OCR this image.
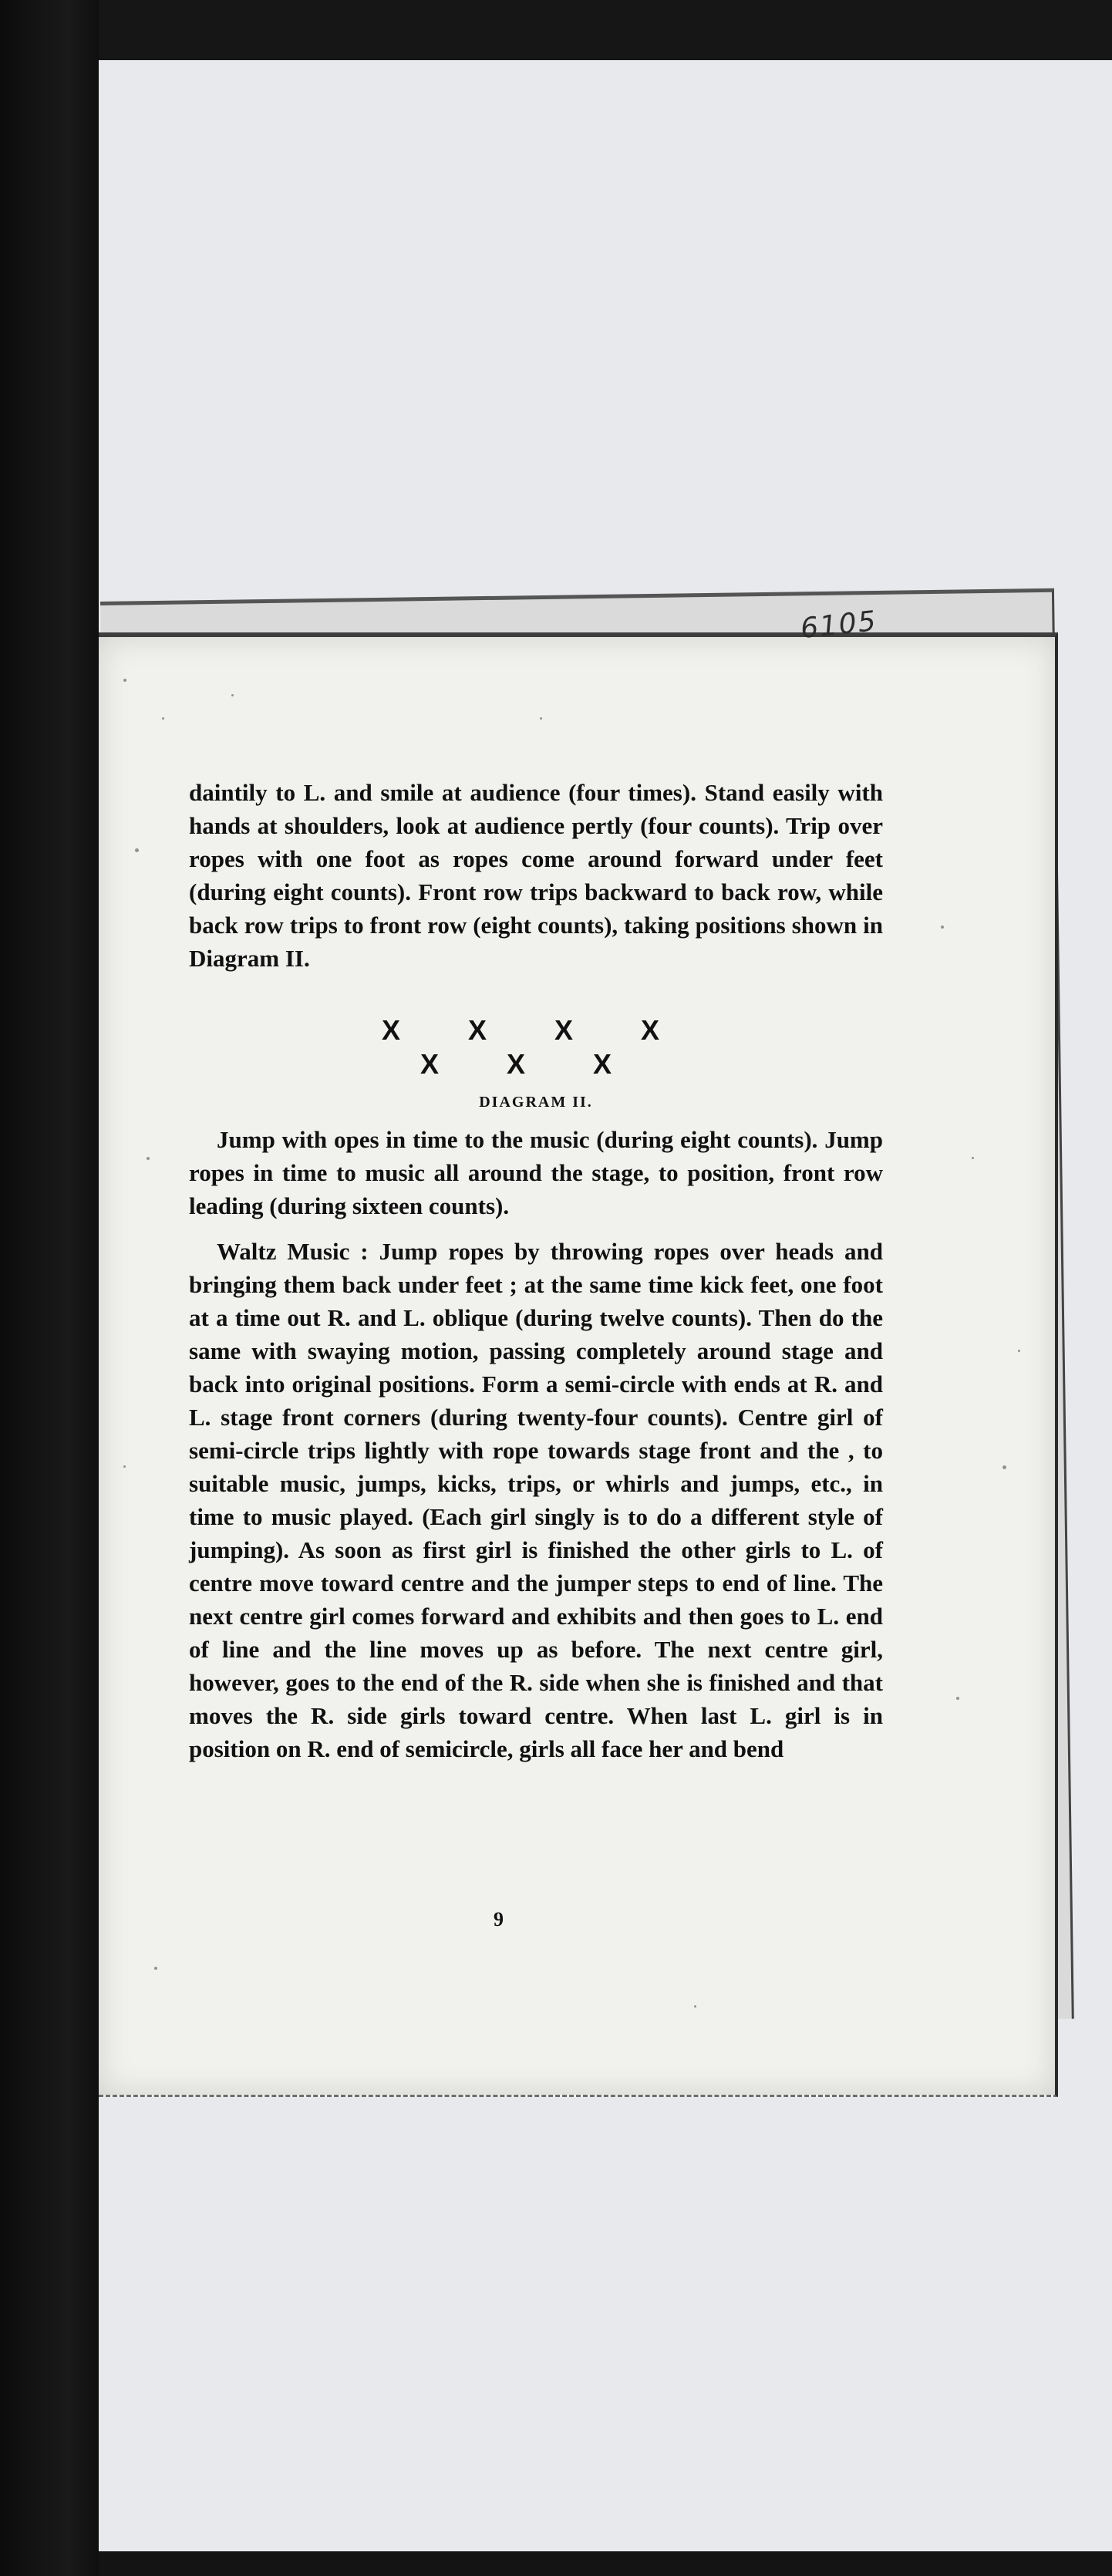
6105

daintily to L. and smile at audience (four times). Stand easily with hands at shoulders, look at audience pertly (four counts). Trip over ropes with one foot as ropes come around forward under feet (during eight counts). Front row trips backward to back row, while back row trips to front row (eight counts), taking positions shown in Diagram II.

X X X X
X X X
DIAGRAM II.

Jump with opes in time to the music (during eight counts). Jump ropes in time to music all around the stage, to position, front row leading (during sixteen counts).

Waltz Music : Jump ropes by throwing ropes over heads and bringing them back under feet ; at the same time kick feet, one foot at a time out R. and L. oblique (during twelve counts). Then do the same with swaying motion, passing completely around stage and back into original positions. Form a semi-circle with ends at R. and L. stage front corners (during twenty-four counts). Centre girl of semi-circle trips lightly with rope towards stage front and the , to suitable music, jumps, kicks, trips, or whirls and jumps, etc., in time to music played. (Each girl singly is to do a different style of jumping). As soon as first girl is finished the other girls to L. of centre move toward centre and the jumper steps to end of line. The next centre girl comes forward and exhibits and then goes to L. end of line and the line moves up as before. The next centre girl, however, goes to the end of the R. side when she is finished and that moves the R. side girls toward centre. When last L. girl is in position on R. end of semicircle, girls all face her and bend

9
